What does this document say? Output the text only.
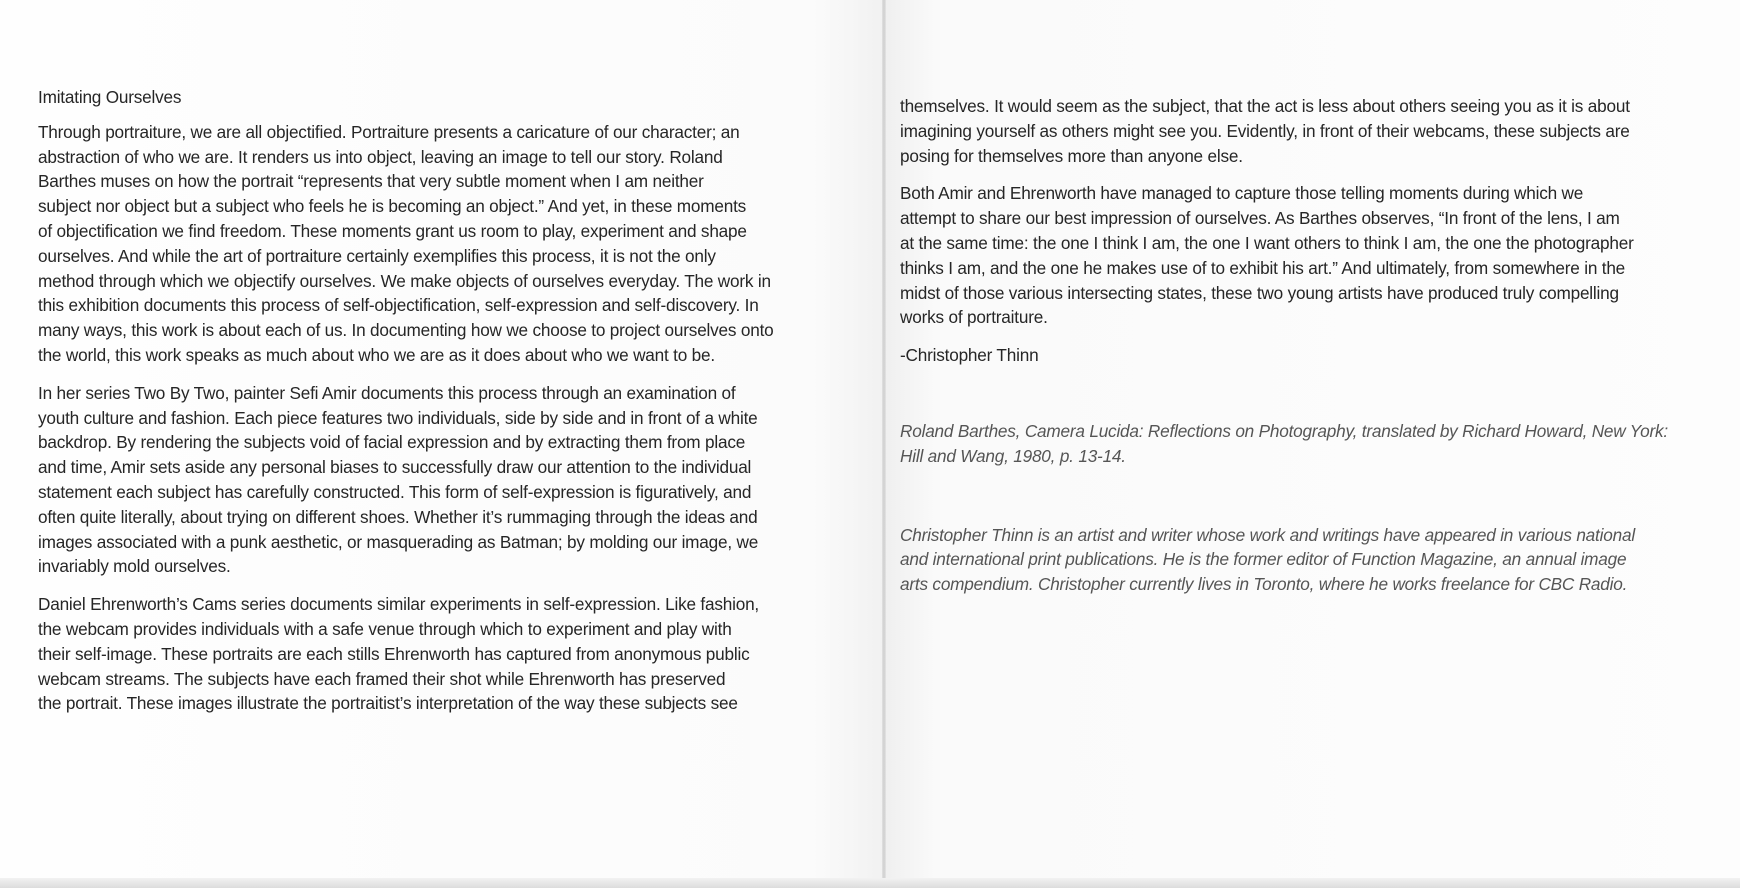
Imitating Ourselves

Through portraiture, we are all objectified. Portraiture presents a caricature of our character; an
abstraction of who we are. It renders us into object, leaving an image to tell our story. Roland
Barthes muses on how the portrait “represents that very subtle moment when I am neither
subject nor object but a subject who feels he is becoming an object.” And yet, in these moments
of objectification we find freedom. These moments grant us room to play, experiment and shape
ourselves. And while the art of portraiture certainly exemplifies this process, it is not the only
method through which we objectify ourselves. We make objects of ourselves everyday. The work in
this exhibition documents this process of self-objectification, self-expression and self-discovery. In
many ways, this work is about each of us. In documenting how we choose to project ourselves onto
the world, this work speaks as much about who we are as it does about who we want to be.

In her series Two By Two, painter Sefi Amir documents this process through an examination of
youth culture and fashion. Each piece features two individuals, side by side and in front of a white
backdrop. By rendering the subjects void of facial expression and by extracting them from place
and time, Amir sets aside any personal biases to successfully draw our attention to the individual
statement each subject has carefully constructed. This form of self-expression is figuratively, and
often quite literally, about trying on different shoes. Whether it’s rummaging through the ideas and
images associated with a punk aesthetic, or masquerading as Batman; by molding our image, we
invariably mold ourselves.

Daniel Ehrenworth’s Cams series documents similar experiments in self-expression. Like fashion,
the webcam provides individuals with a safe venue through which to experiment and play with
their self-image. These portraits are each stills Ehrenworth has captured from anonymous public
webcam streams. The subjects have each framed their shot while Ehrenworth has preserved
the portrait. These images illustrate the portraitist’s interpretation of the way these subjects see

themselves. It would seem as the subject, that the act is less about others seeing you as it is about
imagining yourself as others might see you. Evidently, in front of their webcams, these subjects are
posing for themselves more than anyone else.

Both Amir and Ehrenworth have managed to capture those telling moments during which we
attempt to share our best impression of ourselves. As Barthes observes, “In front of the lens, I am
at the same time: the one I think I am, the one I want others to think I am, the one the photographer
thinks I am, and the one he makes use of to exhibit his art.” And ultimately, from somewhere in the
midst of those various intersecting states, these two young artists have produced truly compelling
works of portraiture.

-Christopher Thinn

Roland Barthes, Camera Lucida: Reflections on Photography, translated by Richard Howard, New York:
Hill and Wang, 1980, p. 13-14.

Christopher Thinn is an artist and writer whose work and writings have appeared in various national
and international print publications. He is the former editor of Function Magazine, an annual image
arts compendium. Christopher currently lives in Toronto, where he works freelance for CBC Radio.
